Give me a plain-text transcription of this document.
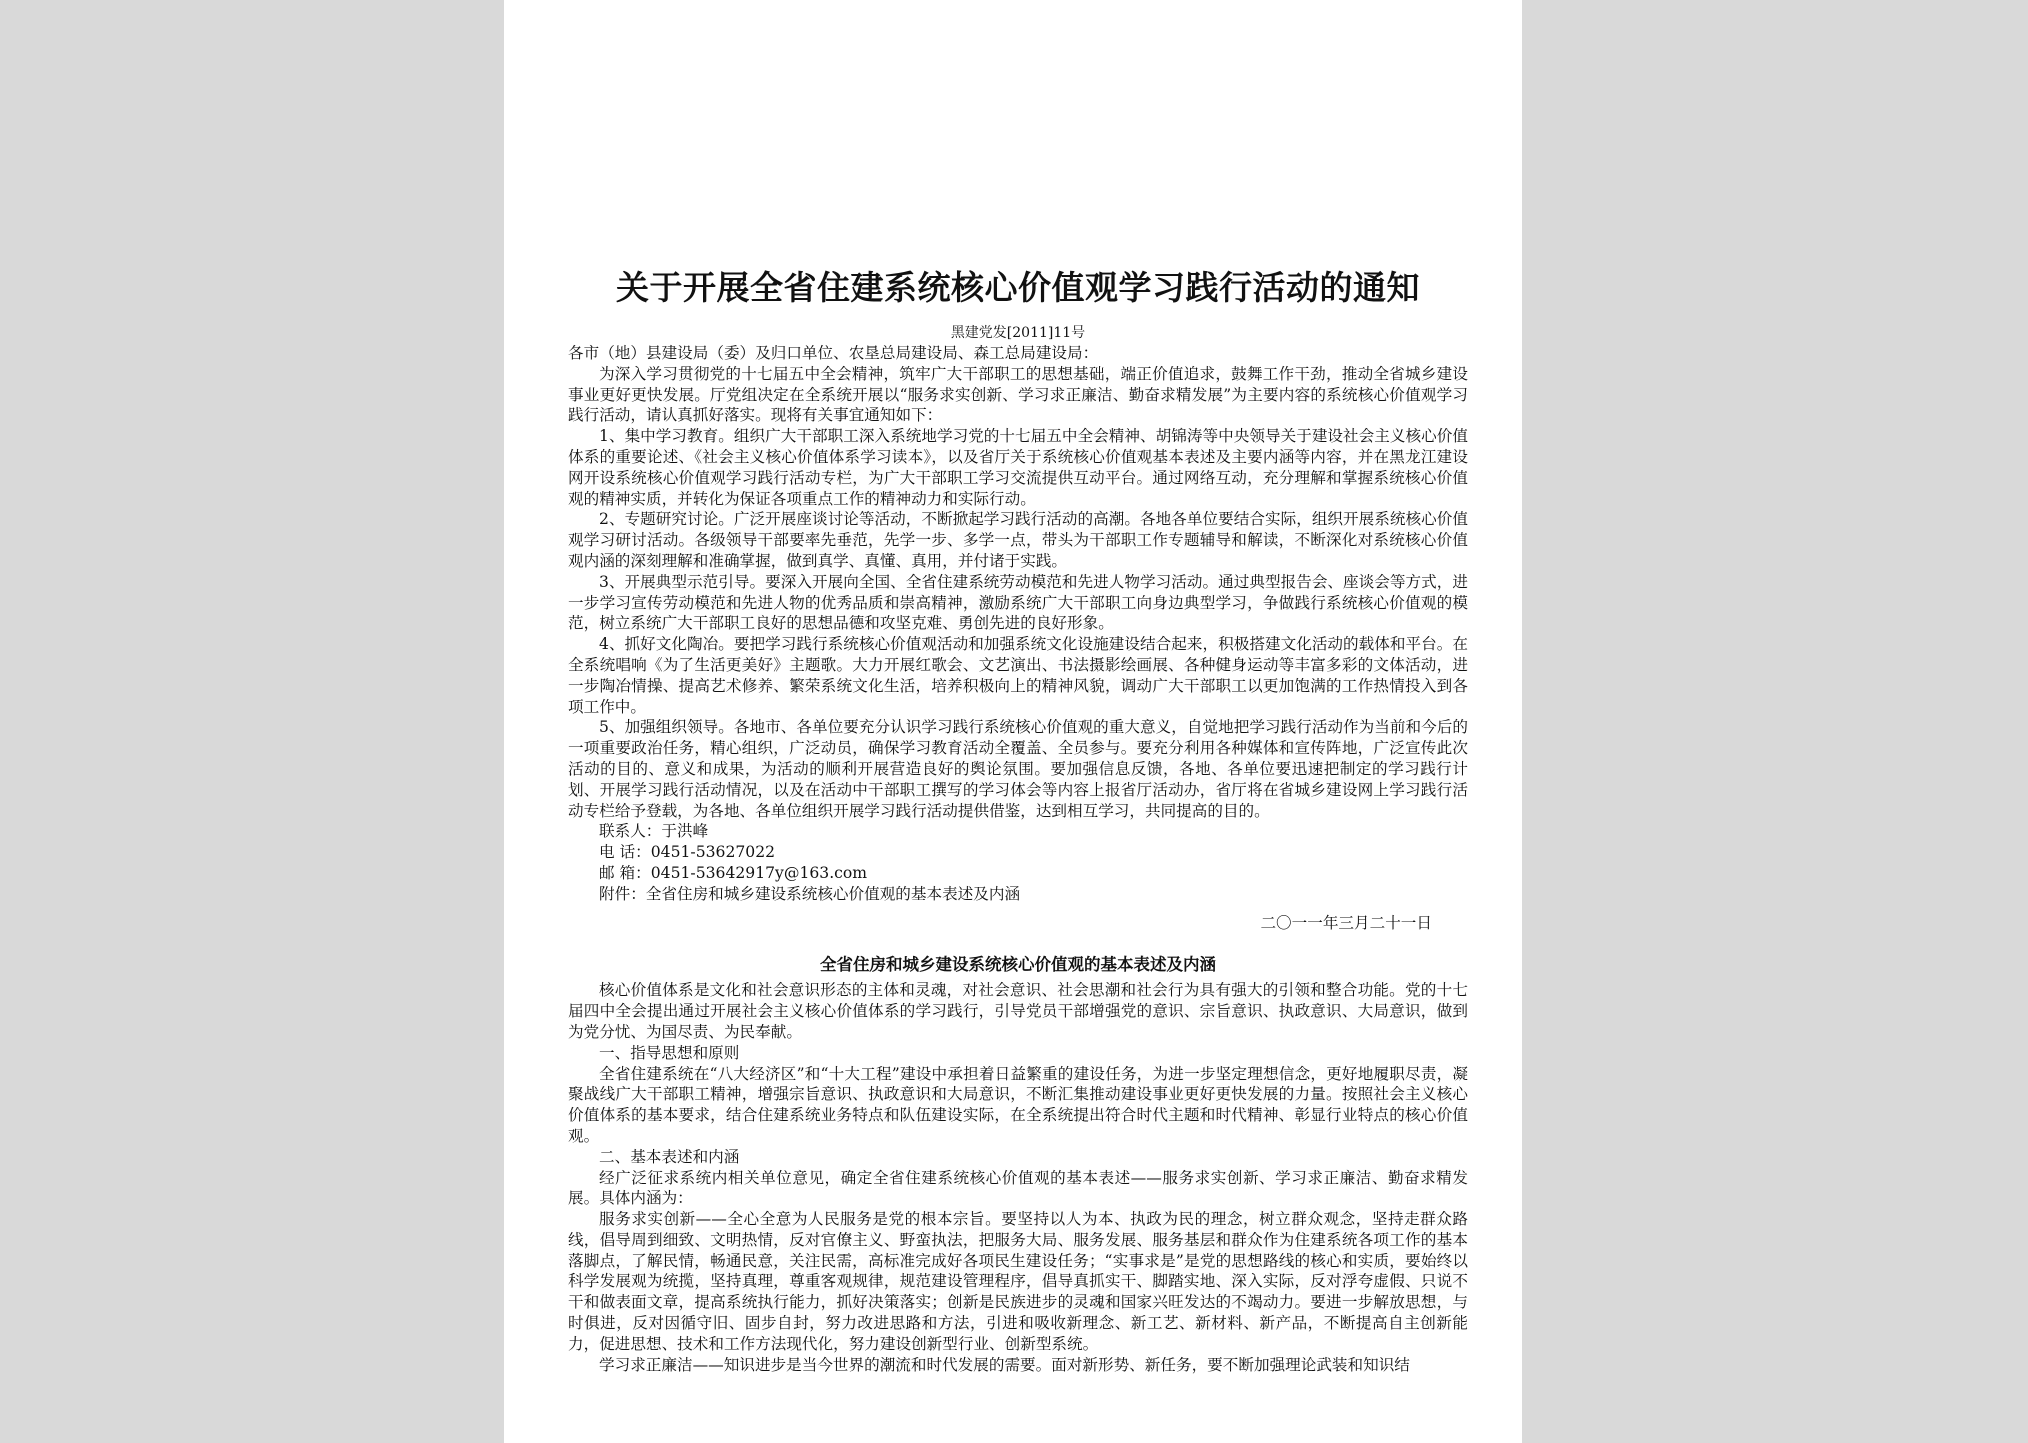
关于开展全省住建系统核心价值观学习践行活动的通知

黑建党发[2011]11号

各市（地）县建设局（委）及归口单位、农垦总局建设局、森工总局建设局：

为深入学习贯彻党的十七届五中全会精神，筑牢广大干部职工的思想基础，端正价值追求，鼓舞工作干劲，推动全省城乡建设事业更好更快发展。厅党组决定在全系统开展以“服务求实创新、学习求正廉洁、勤奋求精发展”为主要内容的系统核心价值观学习践行活动，请认真抓好落实。现将有关事宜通知如下：

1、集中学习教育。组织广大干部职工深入系统地学习党的十七届五中全会精神、胡锦涛等中央领导关于建设社会主义核心价值体系的重要论述、《社会主义核心价值体系学习读本》，以及省厅关于系统核心价值观基本表述及主要内涵等内容，并在黑龙江建设网开设系统核心价值观学习践行活动专栏，为广大干部职工学习交流提供互动平台。通过网络互动，充分理解和掌握系统核心价值观的精神实质，并转化为保证各项重点工作的精神动力和实际行动。

2、专题研究讨论。广泛开展座谈讨论等活动，不断掀起学习践行活动的高潮。各地各单位要结合实际，组织开展系统核心价值观学习研讨活动。各级领导干部要率先垂范，先学一步、多学一点，带头为干部职工作专题辅导和解读，不断深化对系统核心价值观内涵的深刻理解和准确掌握，做到真学、真懂、真用，并付诸于实践。

3、开展典型示范引导。要深入开展向全国、全省住建系统劳动模范和先进人物学习活动。通过典型报告会、座谈会等方式，进一步学习宣传劳动模范和先进人物的优秀品质和崇高精神，激励系统广大干部职工向身边典型学习，争做践行系统核心价值观的模范，树立系统广大干部职工良好的思想品德和攻坚克难、勇创先进的良好形象。

4、抓好文化陶冶。要把学习践行系统核心价值观活动和加强系统文化设施建设结合起来，积极搭建文化活动的载体和平台。在全系统唱响《为了生活更美好》主题歌。大力开展红歌会、文艺演出、书法摄影绘画展、各种健身运动等丰富多彩的文体活动，进一步陶冶情操、提高艺术修养、繁荣系统文化生活，培养积极向上的精神风貌，调动广大干部职工以更加饱满的工作热情投入到各项工作中。

5、加强组织领导。各地市、各单位要充分认识学习践行系统核心价值观的重大意义，自觉地把学习践行活动作为当前和今后的一项重要政治任务，精心组织，广泛动员，确保学习教育活动全覆盖、全员参与。要充分利用各种媒体和宣传阵地，广泛宣传此次活动的目的、意义和成果，为活动的顺利开展营造良好的舆论氛围。要加强信息反馈，各地、各单位要迅速把制定的学习践行计划、开展学习践行活动情况，以及在活动中干部职工撰写的学习体会等内容上报省厅活动办，省厅将在省城乡建设网上学习践行活动专栏给予登载，为各地、各单位组织开展学习践行活动提供借鉴，达到相互学习，共同提高的目的。

联系人：于洪峰

电 话：0451-53627022

邮 箱：0451-53642917y@163.com

附件：全省住房和城乡建设系统核心价值观的基本表述及内涵

二〇一一年三月二十一日

全省住房和城乡建设系统核心价值观的基本表述及内涵

核心价值体系是文化和社会意识形态的主体和灵魂，对社会意识、社会思潮和社会行为具有强大的引领和整合功能。党的十七届四中全会提出通过开展社会主义核心价值体系的学习践行，引导党员干部增强党的意识、宗旨意识、执政意识、大局意识，做到为党分忧、为国尽责、为民奉献。

一、指导思想和原则

全省住建系统在“八大经济区”和“十大工程”建设中承担着日益繁重的建设任务，为进一步坚定理想信念，更好地履职尽责，凝聚战线广大干部职工精神，增强宗旨意识、执政意识和大局意识，不断汇集推动建设事业更好更快发展的力量。按照社会主义核心价值体系的基本要求，结合住建系统业务特点和队伍建设实际，在全系统提出符合时代主题和时代精神、彰显行业特点的核心价值观。

二、基本表述和内涵

经广泛征求系统内相关单位意见，确定全省住建系统核心价值观的基本表述——服务求实创新、学习求正廉洁、勤奋求精发展。具体内涵为：

服务求实创新——全心全意为人民服务是党的根本宗旨。要坚持以人为本、执政为民的理念，树立群众观念，坚持走群众路线，倡导周到细致、文明热情，反对官僚主义、野蛮执法，把服务大局、服务发展、服务基层和群众作为住建系统各项工作的基本落脚点，了解民情，畅通民意，关注民需，高标准完成好各项民生建设任务；“实事求是”是党的思想路线的核心和实质，要始终以科学发展观为统揽，坚持真理，尊重客观规律，规范建设管理程序，倡导真抓实干、脚踏实地、深入实际，反对浮夸虚假、只说不干和做表面文章，提高系统执行能力，抓好决策落实；创新是民族进步的灵魂和国家兴旺发达的不竭动力。要进一步解放思想，与时俱进，反对因循守旧、固步自封，努力改进思路和方法，引进和吸收新理念、新工艺、新材料、新产品，不断提高自主创新能力，促进思想、技术和工作方法现代化，努力建设创新型行业、创新型系统。

学习求正廉洁——知识进步是当今世界的潮流和时代发展的需要。面对新形势、新任务，要不断加强理论武装和知识结
